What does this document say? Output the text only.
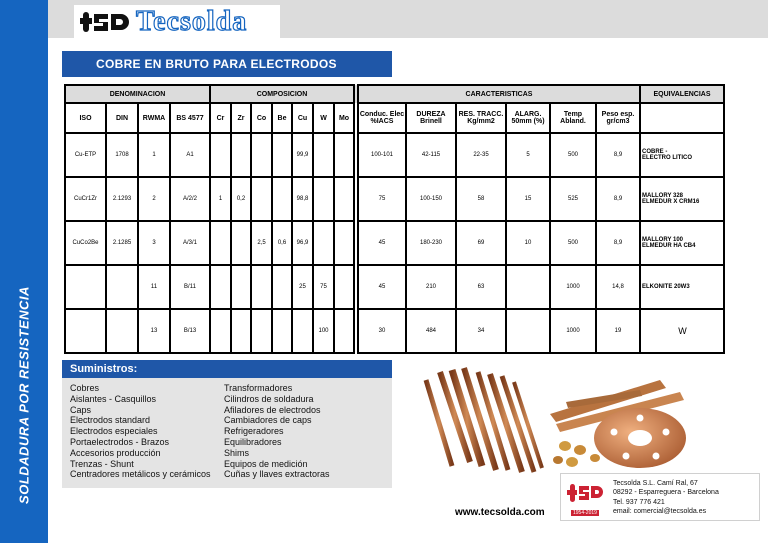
SOLDADURA POR RESISTENCIA
Tecsolda
COBRE EN BRUTO PARA ELECTRODOS
DENOMINACION				COMPOSICION								CARACTERISTICAS						EQUIVALENCIAS
ISO	DIN	RWMA	BS 4577	Cr	Zr	Co	Be	Cu	W	Mo		Conduc. Elec %IACS	DUREZA Brinell	RES. TRACC. Kg/mm2	ALARG. 50mm (%)	Temp Abland.	Peso esp. gr/cm3	
Cu-ETP	1708	1	A1					99,9				100-101	42-115	22-35	5	500	8,9	COBRE -
ELECTRO LITICO

CuCr1Zr	2.1293	2	A/2/2	1	0,2			98,8				75	100-150	58	15	525	8,9	MALLORY 328
ELMEDUR X CRM16

CuCo2Be	2.1285	3	A/3/1			2,5	0,6	96,9				45	180-230	69	10	500	8,9	MALLORY 100
ELMEDUR HA CB4

		11	B/11					25	75			45	210	63		1000	14,8	ELKONITE 20W3

		13	B/13						100			30	484	34		1000	19	W
Suministros:
Cobres
Aislantes - Casquillos
Caps
Electrodos standard
Electrodos especiales
Portaelectrodos - Brazos
Accesorios producción
Trenzas - Shunt
Centradores metálicos y cerámicos
Transformadores
Cilindros de soldadura
Afiladores de electrodos
Cambiadores de caps
Refrigeradores
Equilibradores
Shims
Equipos de medición
Cuñas y llaves extractoras
1954-2019
Tecsolda S.L. Camí Ral, 67
08292 - Esparreguera - Barcelona
Tel. 937 776 421
email: comercial@tecsolda.es
www.tecsolda.com
